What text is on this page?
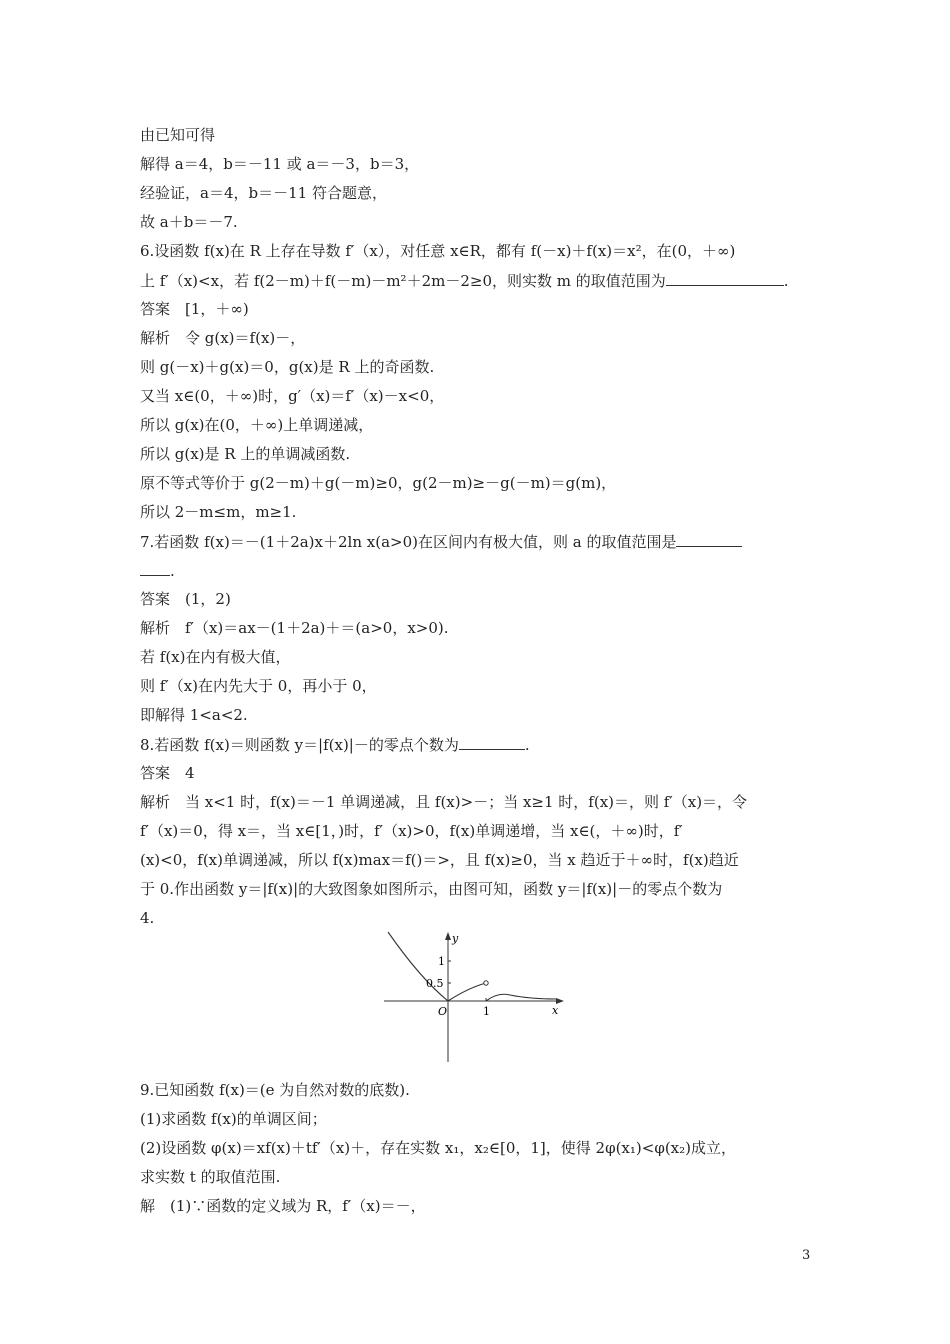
由已知可得
解得 a＝4，b＝－11 或 a＝－3，b＝3，
经验证，a＝4，b＝－11 符合题意，
故 a＋b＝－7.
6.设函数 f(x)在 R 上存在导数 f′（x），对任意 x∈R，都有 f(－x)＋f(x)＝x²，在(0，＋∞)
上 f′（x)<x，若 f(2－m)＋f(－m)－m²＋2m－2≥0，则实数 m 的取值范围为	.
答案　[1，＋∞)
解析　令 g(x)＝f(x)－，
则 g(－x)＋g(x)＝0，g(x)是 R 上的奇函数.
又当 x∈(0，＋∞)时，g′（x)＝f′（x)－x<0，
所以 g(x)在(0，＋∞)上单调递减，
所以 g(x)是 R 上的单调减函数.
原不等式等价于 g(2－m)＋g(－m)≥0，g(2－m)≥－g(－m)＝g(m)，
所以 2－m≤m，m≥1.
7.若函数 f(x)＝－(1＋2a)x＋2ln x(a>0)在区间内有极大值，则 a 的取值范围是
.
答案　(1，2)
解析　f′（x)＝ax－(1＋2a)＋＝(a>0，x>0).
若 f(x)在内有极大值，
则 f′（x)在内先大于 0，再小于 0，
即解得 1<a<2.
8.若函数 f(x)＝则函数 y＝|f(x)|－的零点个数为	.
答案　4
解析　当 x<1 时，f(x)＝－1 单调递减，且 f(x)>－；当 x≥1 时，f(x)＝，则 f′（x)＝，令
f′（x)＝0，得 x＝，当 x∈[1，)时，f′（x)>0，f(x)单调递增，当 x∈(，＋∞)时，f′
(x)<0，f(x)单调递减，所以 f(x)max＝f()＝>，且 f(x)≥0，当 x 趋近于＋∞时，f(x)趋近
于 0.作出函数 y＝|f(x)|的大致图象如图所示，由图可知，函数 y＝|f(x)|－的零点个数为
4.
y
x
O
1
0.5
1
9.已知函数 f(x)＝(e 为自然对数的底数).
(1)求函数 f(x)的单调区间；
(2)设函数 φ(x)＝xf(x)＋tf′（x)＋，存在实数 x₁，x₂∈[0，1]，使得 2φ(x₁)<φ(x₂)成立，
求实数 t 的取值范围.
解　(1)∵函数的定义域为 R，f′（x)＝－，
3
